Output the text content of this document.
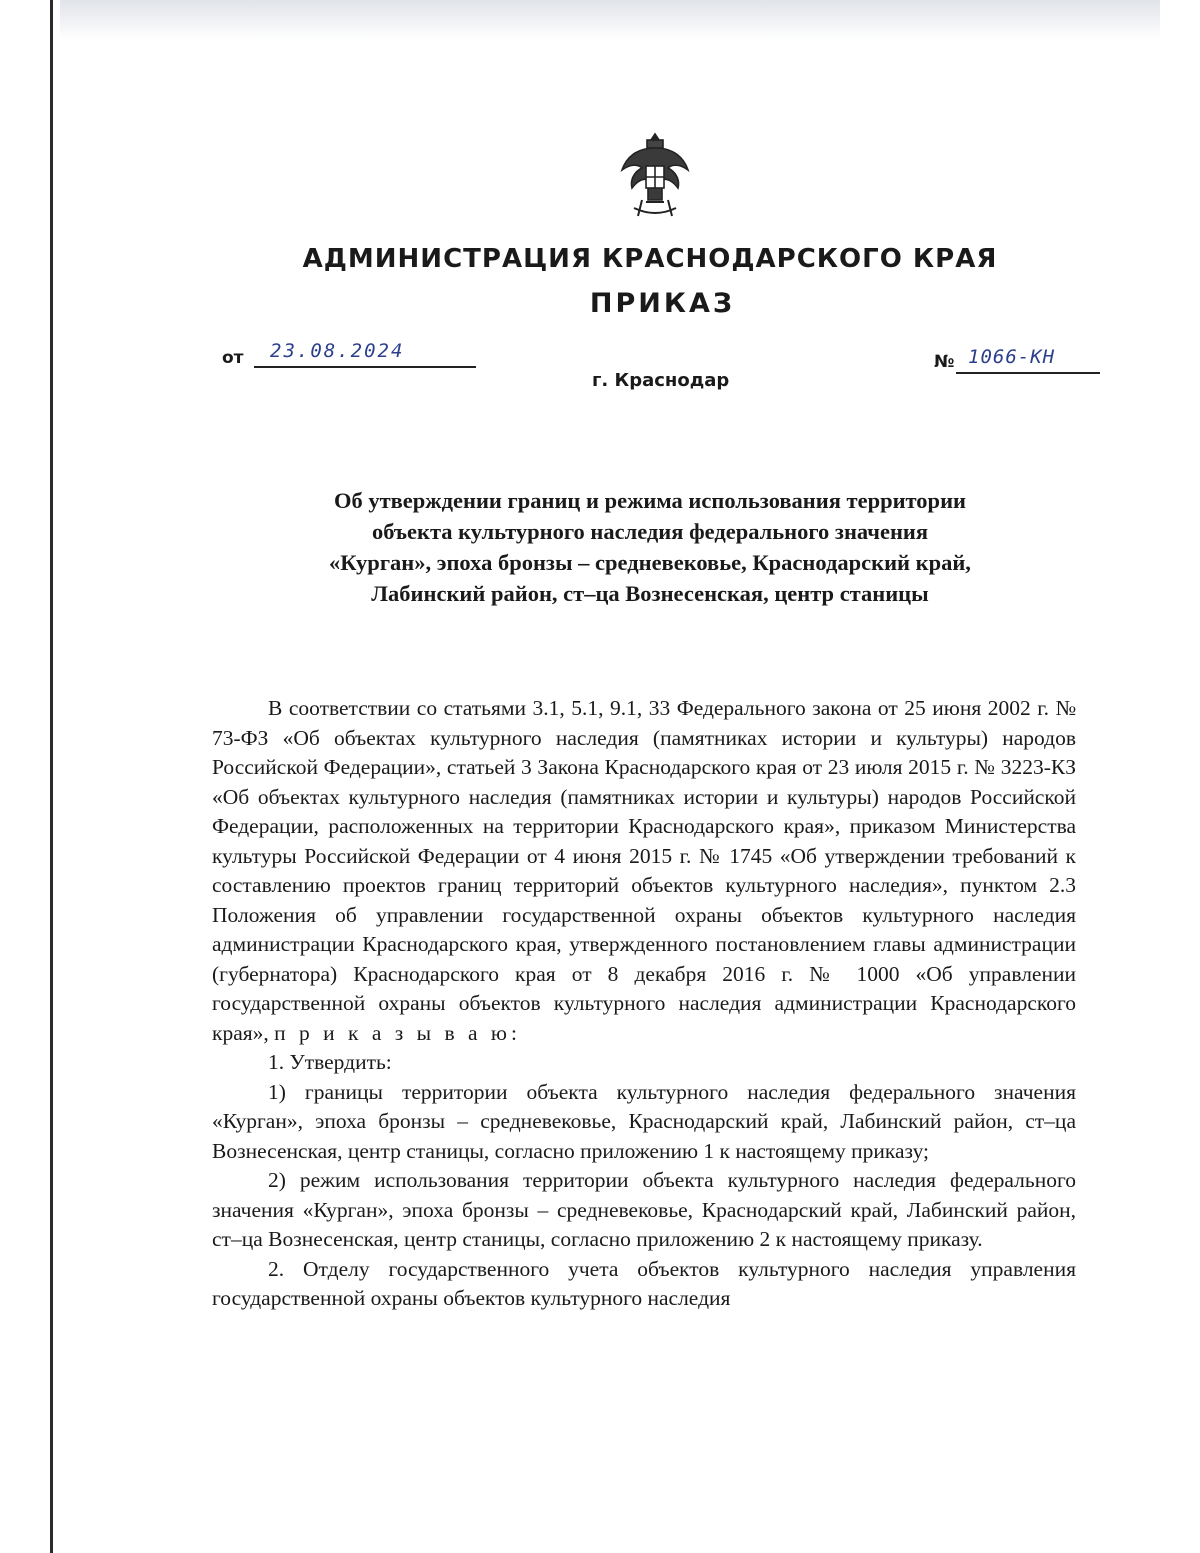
АДМИНИСТРАЦИЯ КРАСНОДАРСКОГО КРАЯ
ПРИКАЗ
от 23.08.2024
г. Краснодар
№ 1066-КН
Об утверждении границ и режима использования территории
объекта культурного наследия федерального значения
«Курган», эпоха бронзы – средневековье, Краснодарский край,
Лабинский район, ст–ца Вознесенская, центр станицы

В соответствии со статьями 3.1, 5.1, 9.1, 33 Федерального закона от 25 июня 2002 г. № 73-ФЗ «Об объектах культурного наследия (памятниках истории и культуры) народов Российской Федерации», статьей 3 Закона Краснодарского края от 23 июля 2015 г. № 3223-КЗ «Об объектах культурного наследия (памятниках истории и культуры) народов Российской Федерации, расположенных на территории Краснодарского края», приказом Министерства культуры Российской Федерации от 4 июня 2015 г. № 1745 «Об утверждении требований к составлению проектов границ территорий объектов культурного наследия», пунктом 2.3 Положения об управлении государственной охраны объектов культурного наследия администрации Краснодарского края, утвержденного постановлением главы администрации (губернатора) Краснодарского края от 8 декабря 2016 г. № 1000 «Об управлении государственной охраны объектов культурного наследия администрации Краснодарского края», п р и к а з ы в а ю:

1. Утвердить:

1) границы территории объекта культурного наследия федерального значения «Курган», эпоха бронзы – средневековье, Краснодарский край, Лабинский район, ст–ца Вознесенская, центр станицы, согласно приложению 1 к настоящему приказу;

2) режим использования территории объекта культурного наследия федерального значения «Курган», эпоха бронзы – средневековье, Краснодарский край, Лабинский район, ст–ца Вознесенская, центр станицы, согласно приложению 2 к настоящему приказу.

2. Отделу государственного учета объектов культурного наследия управления государственной охраны объектов культурного наследия
